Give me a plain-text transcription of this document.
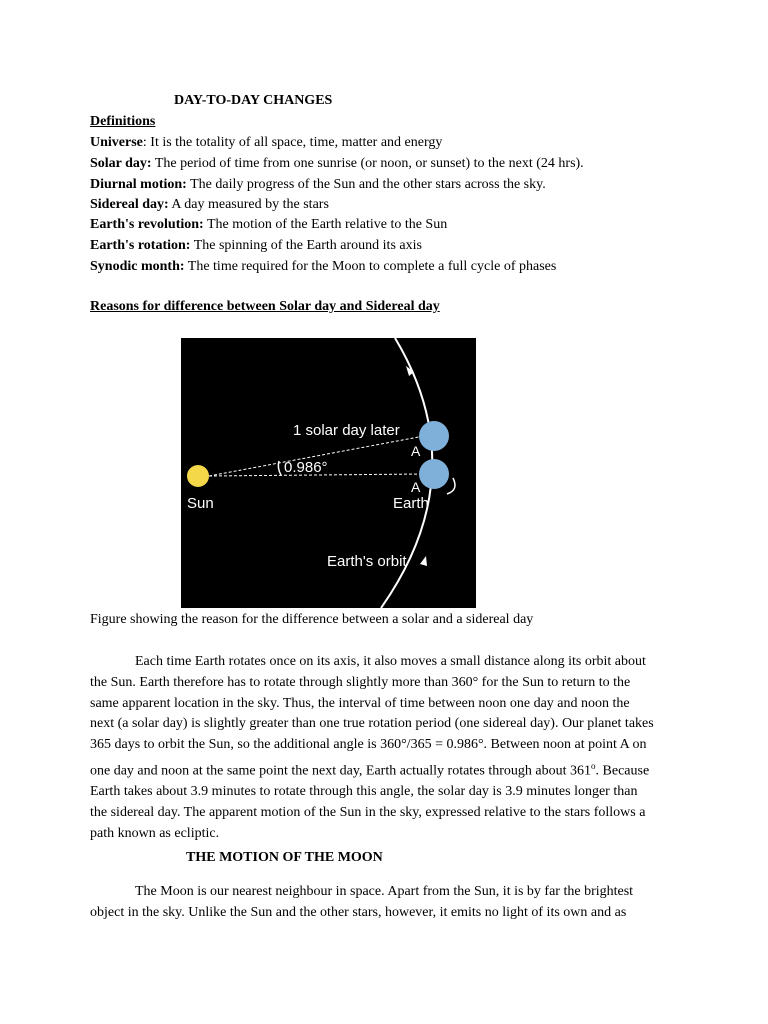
DAY-TO-DAY CHANGES
Definitions
Universe: It is the totality of all space, time, matter and energy
Solar day: The period of time from one sunrise (or noon, or sunset) to the next (24 hrs).
Diurnal motion: The daily progress of the Sun and the other stars across the sky.
Sidereal day: A day measured by the stars
Earth's revolution: The motion of the Earth relative to the Sun
Earth's rotation: The spinning of the Earth around its axis
Synodic month: The time required for the Moon to complete a full cycle of phases
Reasons for difference between Solar day and Sidereal day
1 solar day later
0.986°
A
A
Sun	Earth
Earth's orbit
Figure showing the reason for the difference between a solar and a sidereal day

Each time Earth rotates once on its axis, it also moves a small distance along its orbit about the Sun. Earth therefore has to rotate through slightly more than 360° for the Sun to return to the same apparent location in the sky. Thus, the interval of time between noon one day and noon the next (a solar day) is slightly greater than one true rotation period (one sidereal day). Our planet takes 365 days to orbit the Sun, so the additional angle is 360°/365 = 0.986°. Between noon at point A on one day and noon at the same point the next day, Earth actually rotates through about 361$^o$. Because Earth takes about 3.9 minutes to rotate through this angle, the solar day is 3.9 minutes longer than the sidereal day. The apparent motion of the Sun in the sky, expressed relative to the stars follows a path known as ecliptic.

THE MOTION OF THE MOON

The Moon is our nearest neighbour in space. Apart from the Sun, it is by far the brightest object in the sky. Unlike the Sun and the other stars, however, it emits no light of its own and as
